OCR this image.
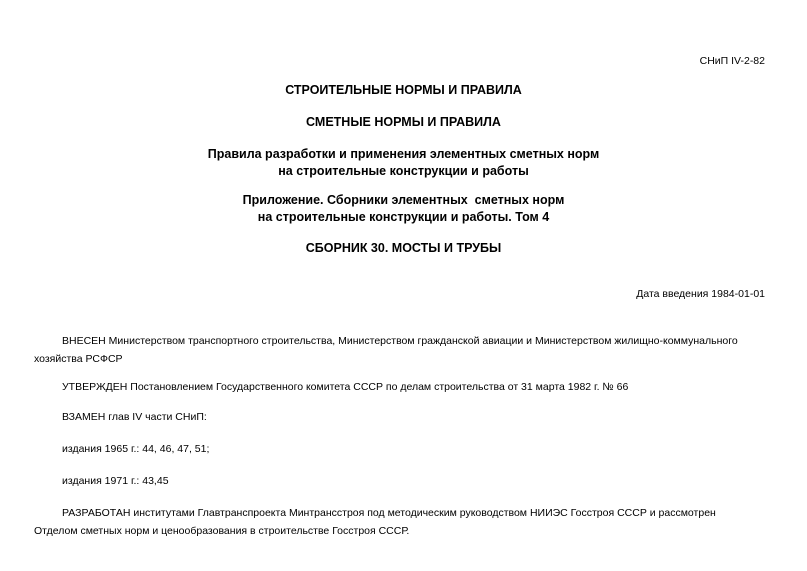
СНиП IV-2-82
СТРОИТЕЛЬНЫЕ НОРМЫ И ПРАВИЛА
СМЕТНЫЕ НОРМЫ И ПРАВИЛА
Правила разработки и применения элементных сметных норм
на строительные конструкции и работы
Приложение. Сборники элементных  сметных норм
на строительные конструкции и работы. Том 4
СБОРНИК 30. МОСТЫ И ТРУБЫ
Дата введения 1984-01-01
ВНЕСЕН Министерством транспортного строительства, Министерством гражданской авиации и Министерством жилищно-коммунального
хозяйства РСФСР
УТВЕРЖДЕН Постановлением Государственного комитета СССР по делам строительства от 31 марта 1982 г. № 66
ВЗАМЕН глав IV части СНиП:
издания 1965 г.: 44, 46, 47, 51;
издания 1971 г.: 43,45
РАЗРАБОТАН институтами Главтранспроекта Минтрансстроя под методическим руководством НИИЭС Госстроя СССР и рассмотрен
Отделом сметных норм и ценообразования в строительстве Госстроя СССР.
